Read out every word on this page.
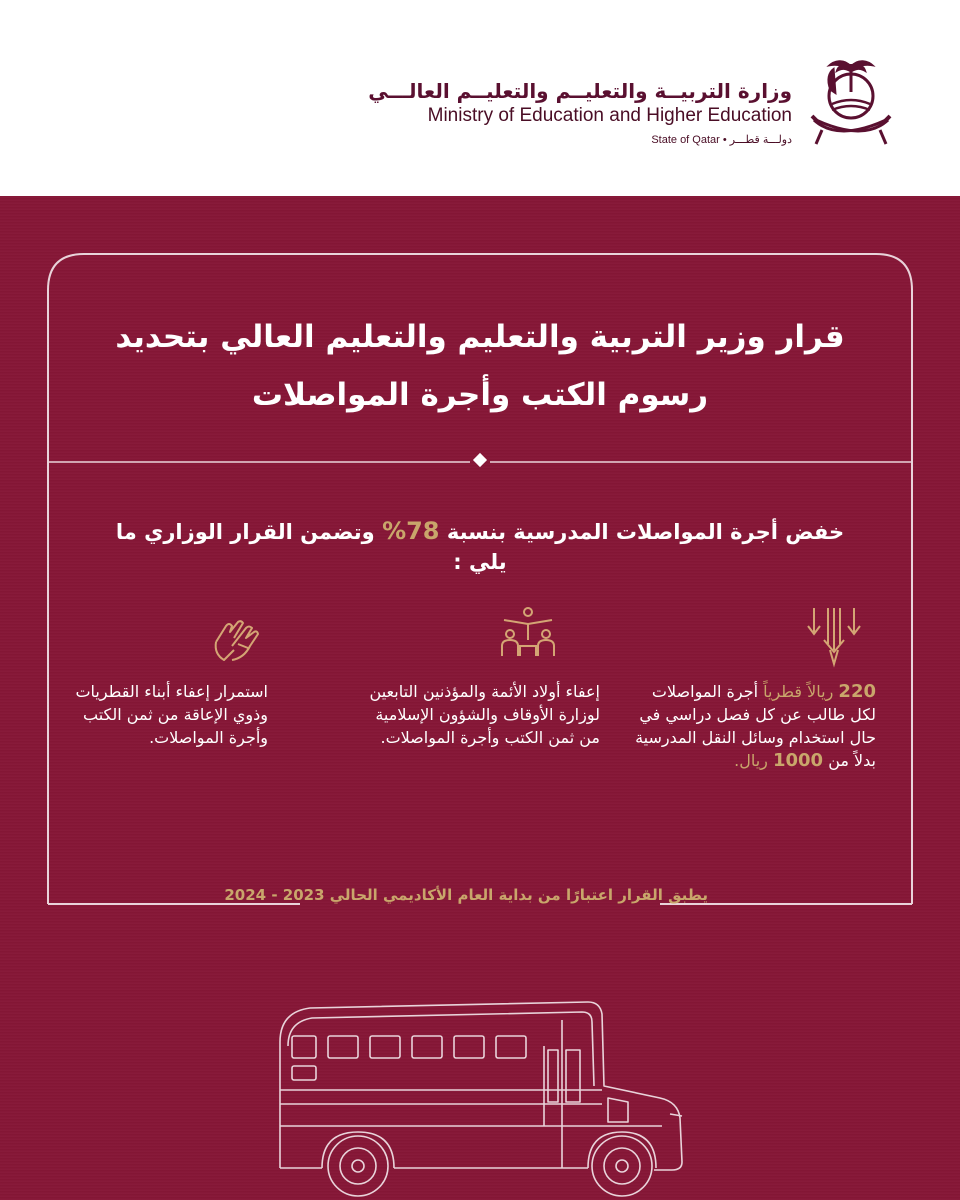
وزارة التربيــة والتعليــم والتعليــم العالـــي
Ministry of Education and Higher Education
State of Qatar • دولـــة قطـــر
قرار وزير التربية والتعليم والتعليم العالي بتحديد رسوم الكتب وأجرة المواصلات
خفض أجرة المواصلات المدرسية بنسبة 78% وتضمن القرار الوزاري ما يلي :
220 ريالاً قطرياً أجرة المواصلات لكل طالب عن كل فصل دراسي في حال استخدام وسائل النقل المدرسية بدلاً من 1000 ريال.
إعفاء أولاد الأئمة والمؤذنين التابعين لوزارة الأوقاف والشؤون الإسلامية من ثمن الكتب وأجرة المواصلات.
استمرار إعفاء أبناء القطريات وذوي الإعاقة من ثمن الكتب وأجرة المواصلات.
يطبق القرار اعتبارًا من بداية العام الأكاديمي الحالي 2023 - 2024
